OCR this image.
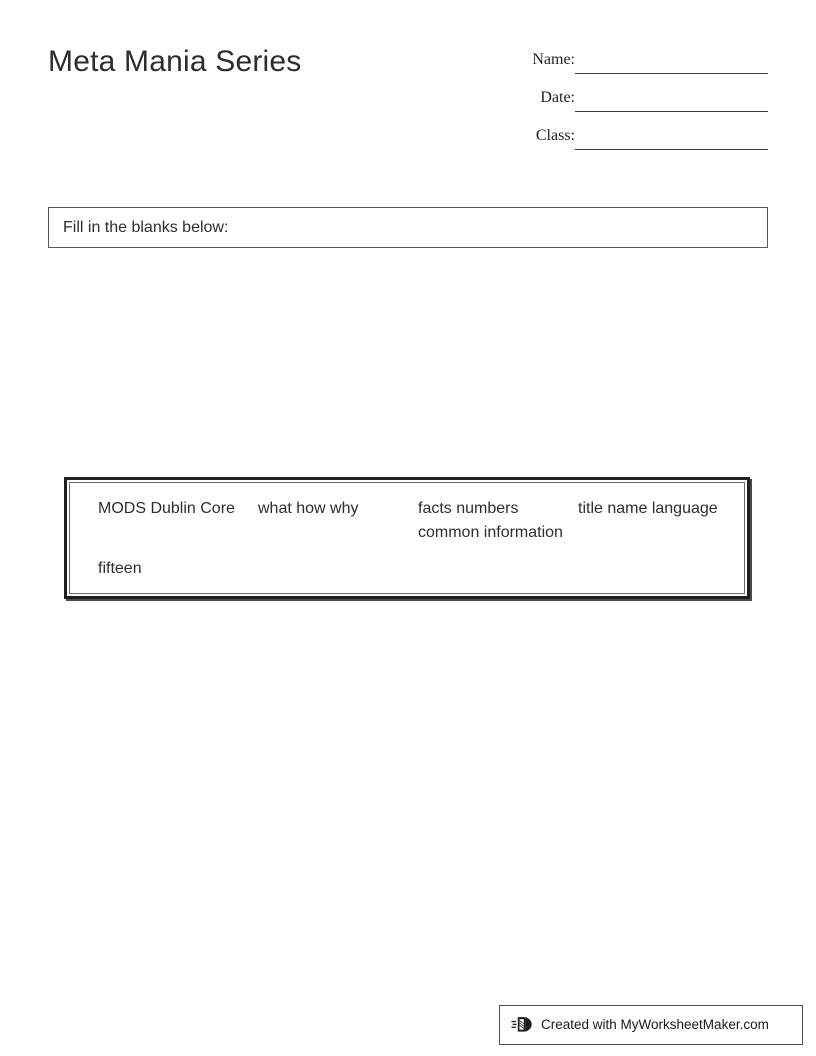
Meta Mania Series	Name:
Date:
Class:
Fill in the blanks below:
MODS Dublin Core	what how why	facts numbers common information
title name language
fifteen
Created with MyWorksheetMaker.com
